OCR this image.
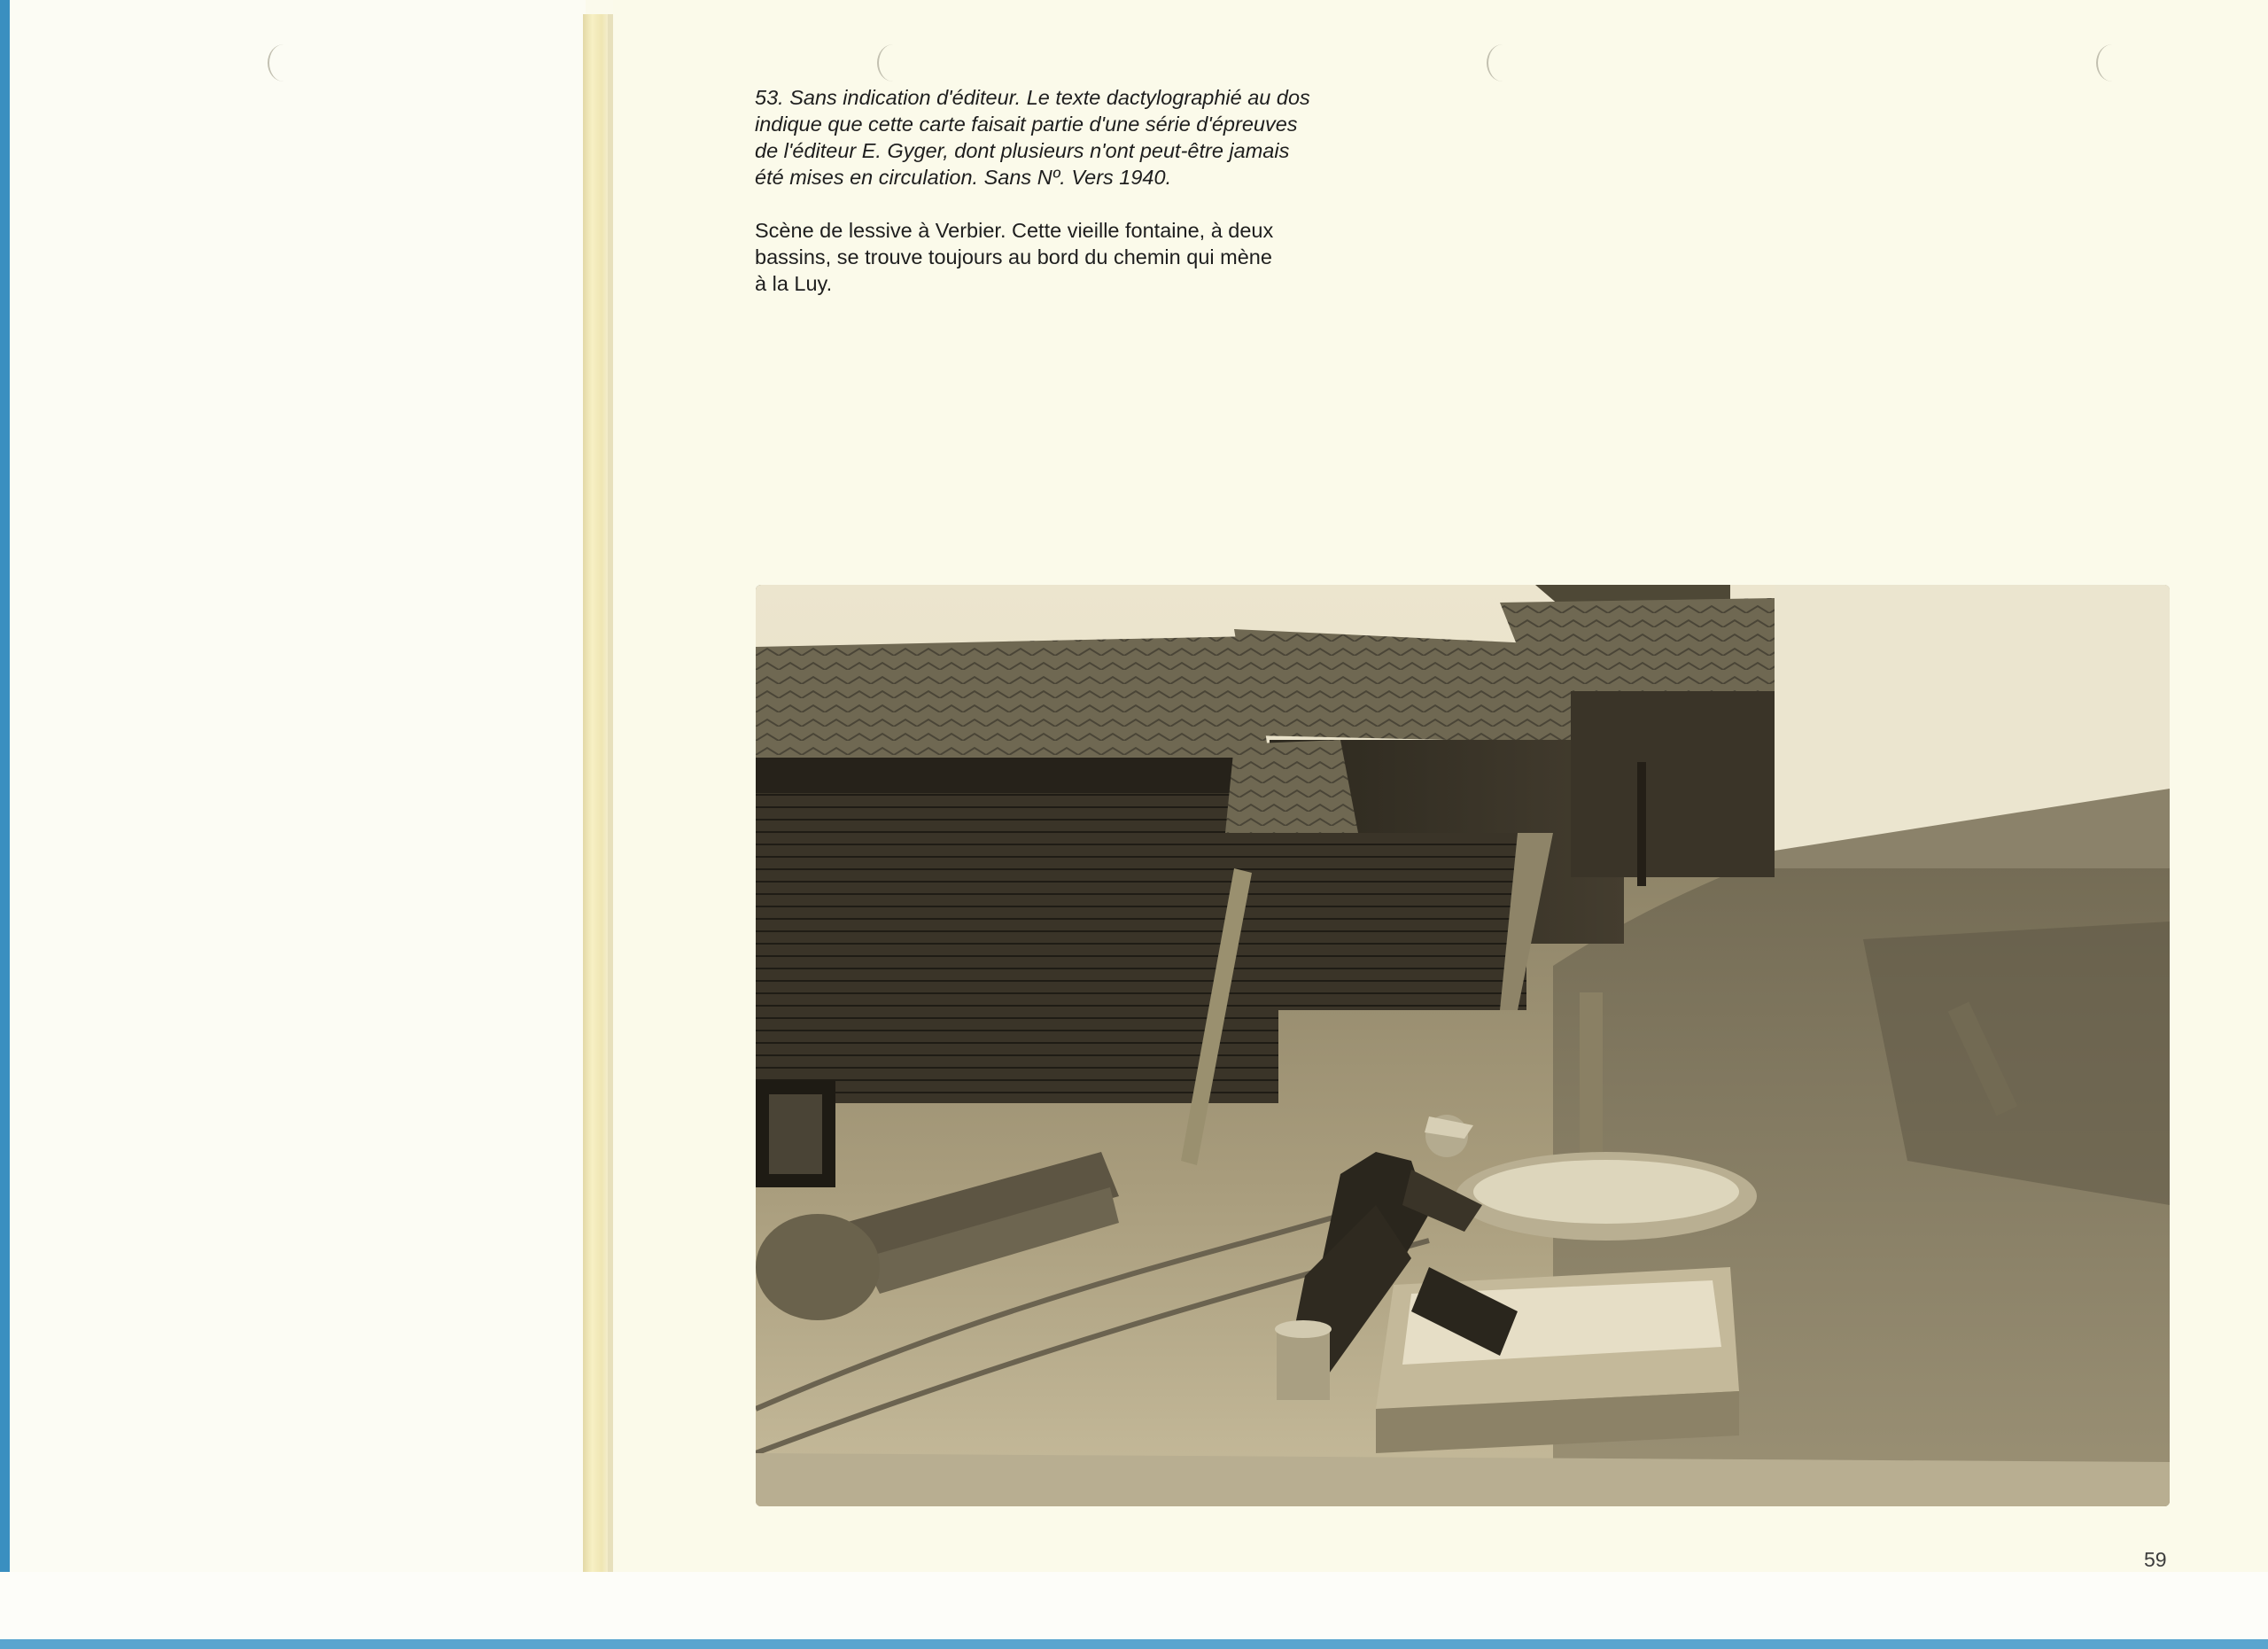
53. Sans indication d'éditeur. Le texte dactylographié au dos
indique que cette carte faisait partie d'une série d'épreuves
de l'éditeur E. Gyger, dont plusieurs n'ont peut-être jamais
été mises en circulation. Sans Nº. Vers 1940.

Scène de lessive à Verbier. Cette vieille fontaine, à deux
bassins, se trouve toujours au bord du chemin qui mène
à la Luy.

59
